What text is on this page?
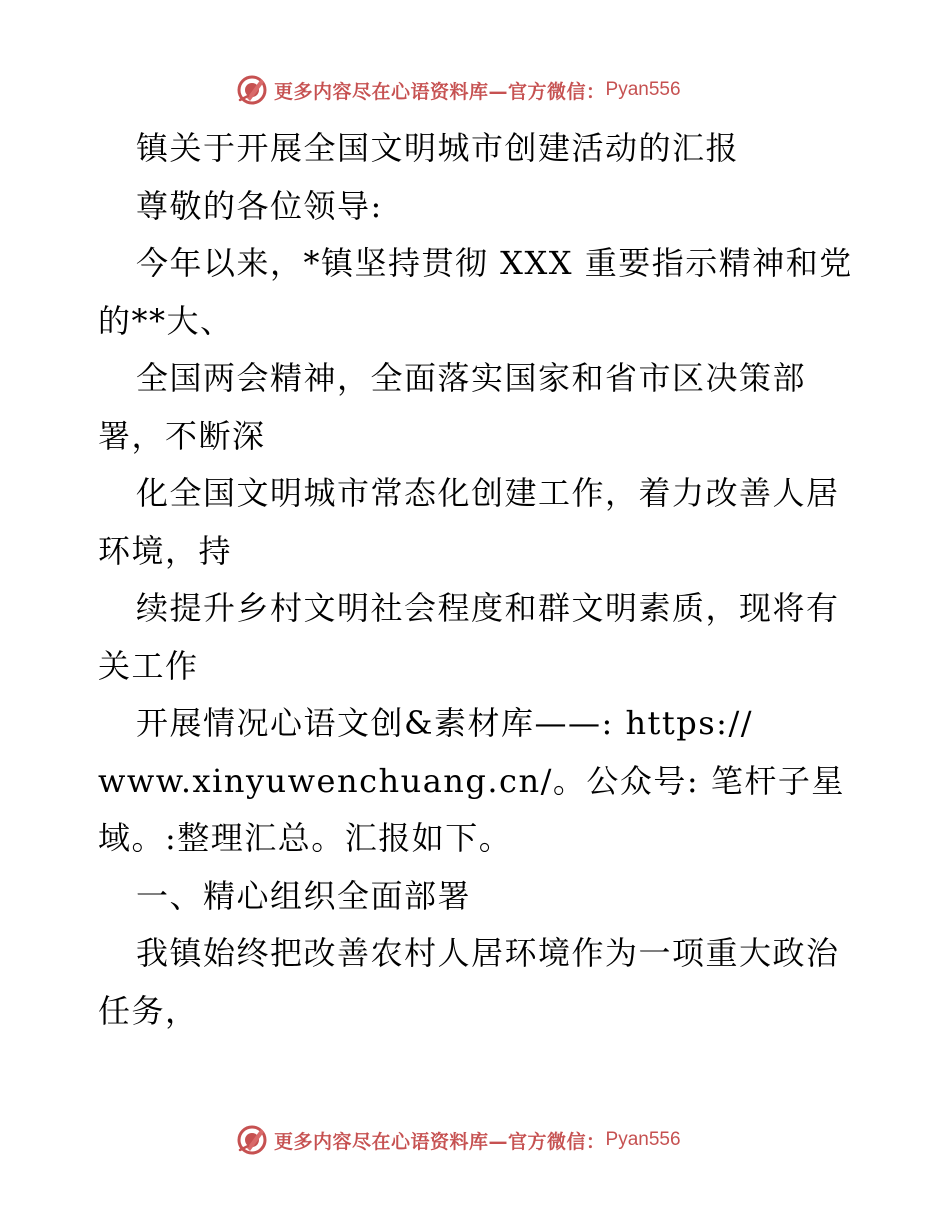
更多内容尽在心语资料库—官方微信： Pyan556
镇关于开展全国文明城市创建活动的汇报
尊敬的各位领导:
今年以来，*镇坚持贯彻 XXX 重要指示精神和党
的**大、
全国两会精神，全面落实国家和省市区决策部
署，不断深
化全国文明城市常态化创建工作，着力改善人居
环境，持
续提升乡村文明社会程度和群文明素质，现将有
关工作
开展情况心语文创&素材库——: https://
www.xinyuwenchuang.cn/。公众号: 笔杆子星
域。:整理汇总。汇报如下。
一、精心组织全面部署
我镇始终把改善农村人居环境作为一项重大政治
任务，
更多内容尽在心语资料库—官方微信： Pyan556
